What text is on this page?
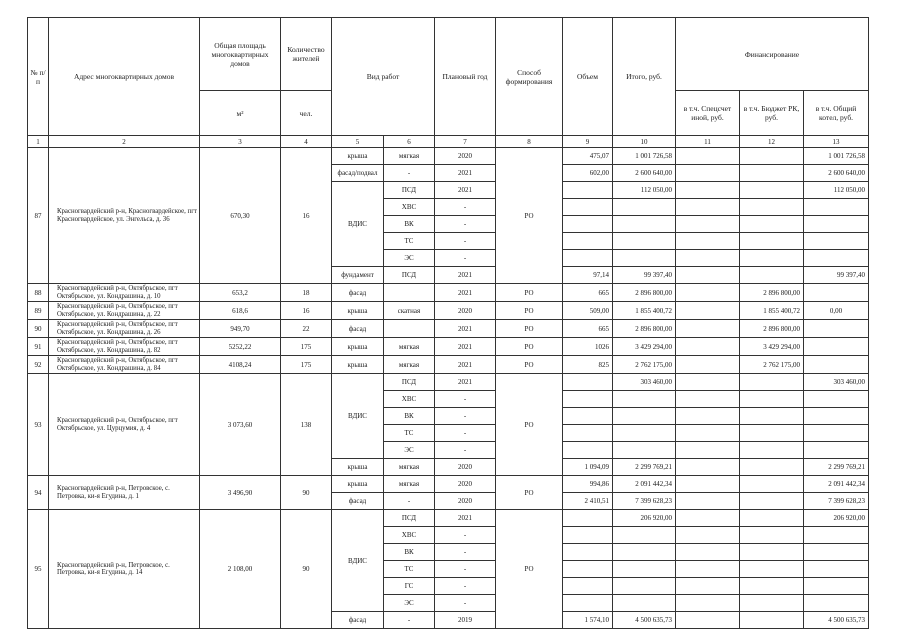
№ п/п	Адрес многоквартирных домов	Общая площадь многоквартирных домов	Количество жителей	Вид работ		Плановый год	Способ формирования	Объем	Итого, руб.	Финансирование		
		м²	чел.							в т.ч. Спецсчет иной, руб.	в т.ч. Бюджет РК, руб.	в т.ч. Общий котел, руб.
1	2	3	4	5	6	7	8	9	10	11	12	13
87	Красногвардейский р-н, Красногвардейское, пгт Красногвардейское, ул. Энгельса, д. 36	670,30	16	крыша	мягкая	2020	РО	475,07	1 001 726,58			1 001 726,58
				фасад/подвал	-	2021		602,00	2 600 640,00			2 600 640,00
				ВДИС	ПСД	2021			112 050,00			112 050,00
					ХВС	-						
					ВК	-						
					ТС	-						
					ЭС	-						
				фундамент	ПСД	2021		97,14	99 397,40			99 397,40
88	Красногвардейский р-н, Октябрьское, пгт Октябрьское, ул. Кондрашина, д. 10	653,2	18	фасад		2021	РО	665	2 896 800,00		2 896 800,00	
89	Красногвардейский р-н, Октябрьское, пгт Октябрьское, ул. Кондрашина, д. 22	618,6	16	крыша	скатная	2020	РО	509,00	1 855 400,72		1 855 400,72	0,00
90	Красногвардейский р-н, Октябрьское, пгт Октябрьское, ул. Кондрашина, д. 26	949,70	22	фасад		2021	РО	665	2 896 800,00		2 896 800,00	
91	Красногвардейский р-н, Октябрьское, пгт Октябрьское, ул. Кондрашина, д. 82	5252,22	175	крыша	мягкая	2021	РО	1026	3 429 294,00		3 429 294,00	
92	Красногвардейский р-н, Октябрьское, пгт Октябрьское, ул. Кондрашина, д. 84	4108,24	175	крыша	мягкая	2021	РО	825	2 762 175,00		2 762 175,00	
93	Красногвардейский р-н, Октябрьское, пгт Октябрьское, ул. Цурцумия, д. 4	3 073,60	138	ВДИС	ПСД	2021	РО		303 460,00			303 460,00
					ХВС	-						
					ВК	-						
					ТС	-						
					ЭС	-						
				крыша	мягкая	2020		1 094,09	2 299 769,21			2 299 769,21
94	Красногвардейский р-н, Петровское, с. Петровка, ки-я Егудина, д. 1	3 496,90	90	крыша	мягкая	2020	РО	994,86	2 091 442,34			2 091 442,34
				фасад	-	2020		2 410,51	7 399 628,23			7 399 628,23
95	Красногвардейский р-н, Петровское, с. Петровка, ки-я Егудина, д. 14	2 108,00	90	ВДИС	ПСД	2021	РО		206 920,00			206 920,00
					ХВС	-						
					ВК	-						
					ТС	-						
					ГС	-						
					ЭС	-						
				фасад	-	2019		1 574,10	4 500 635,73			4 500 635,73
